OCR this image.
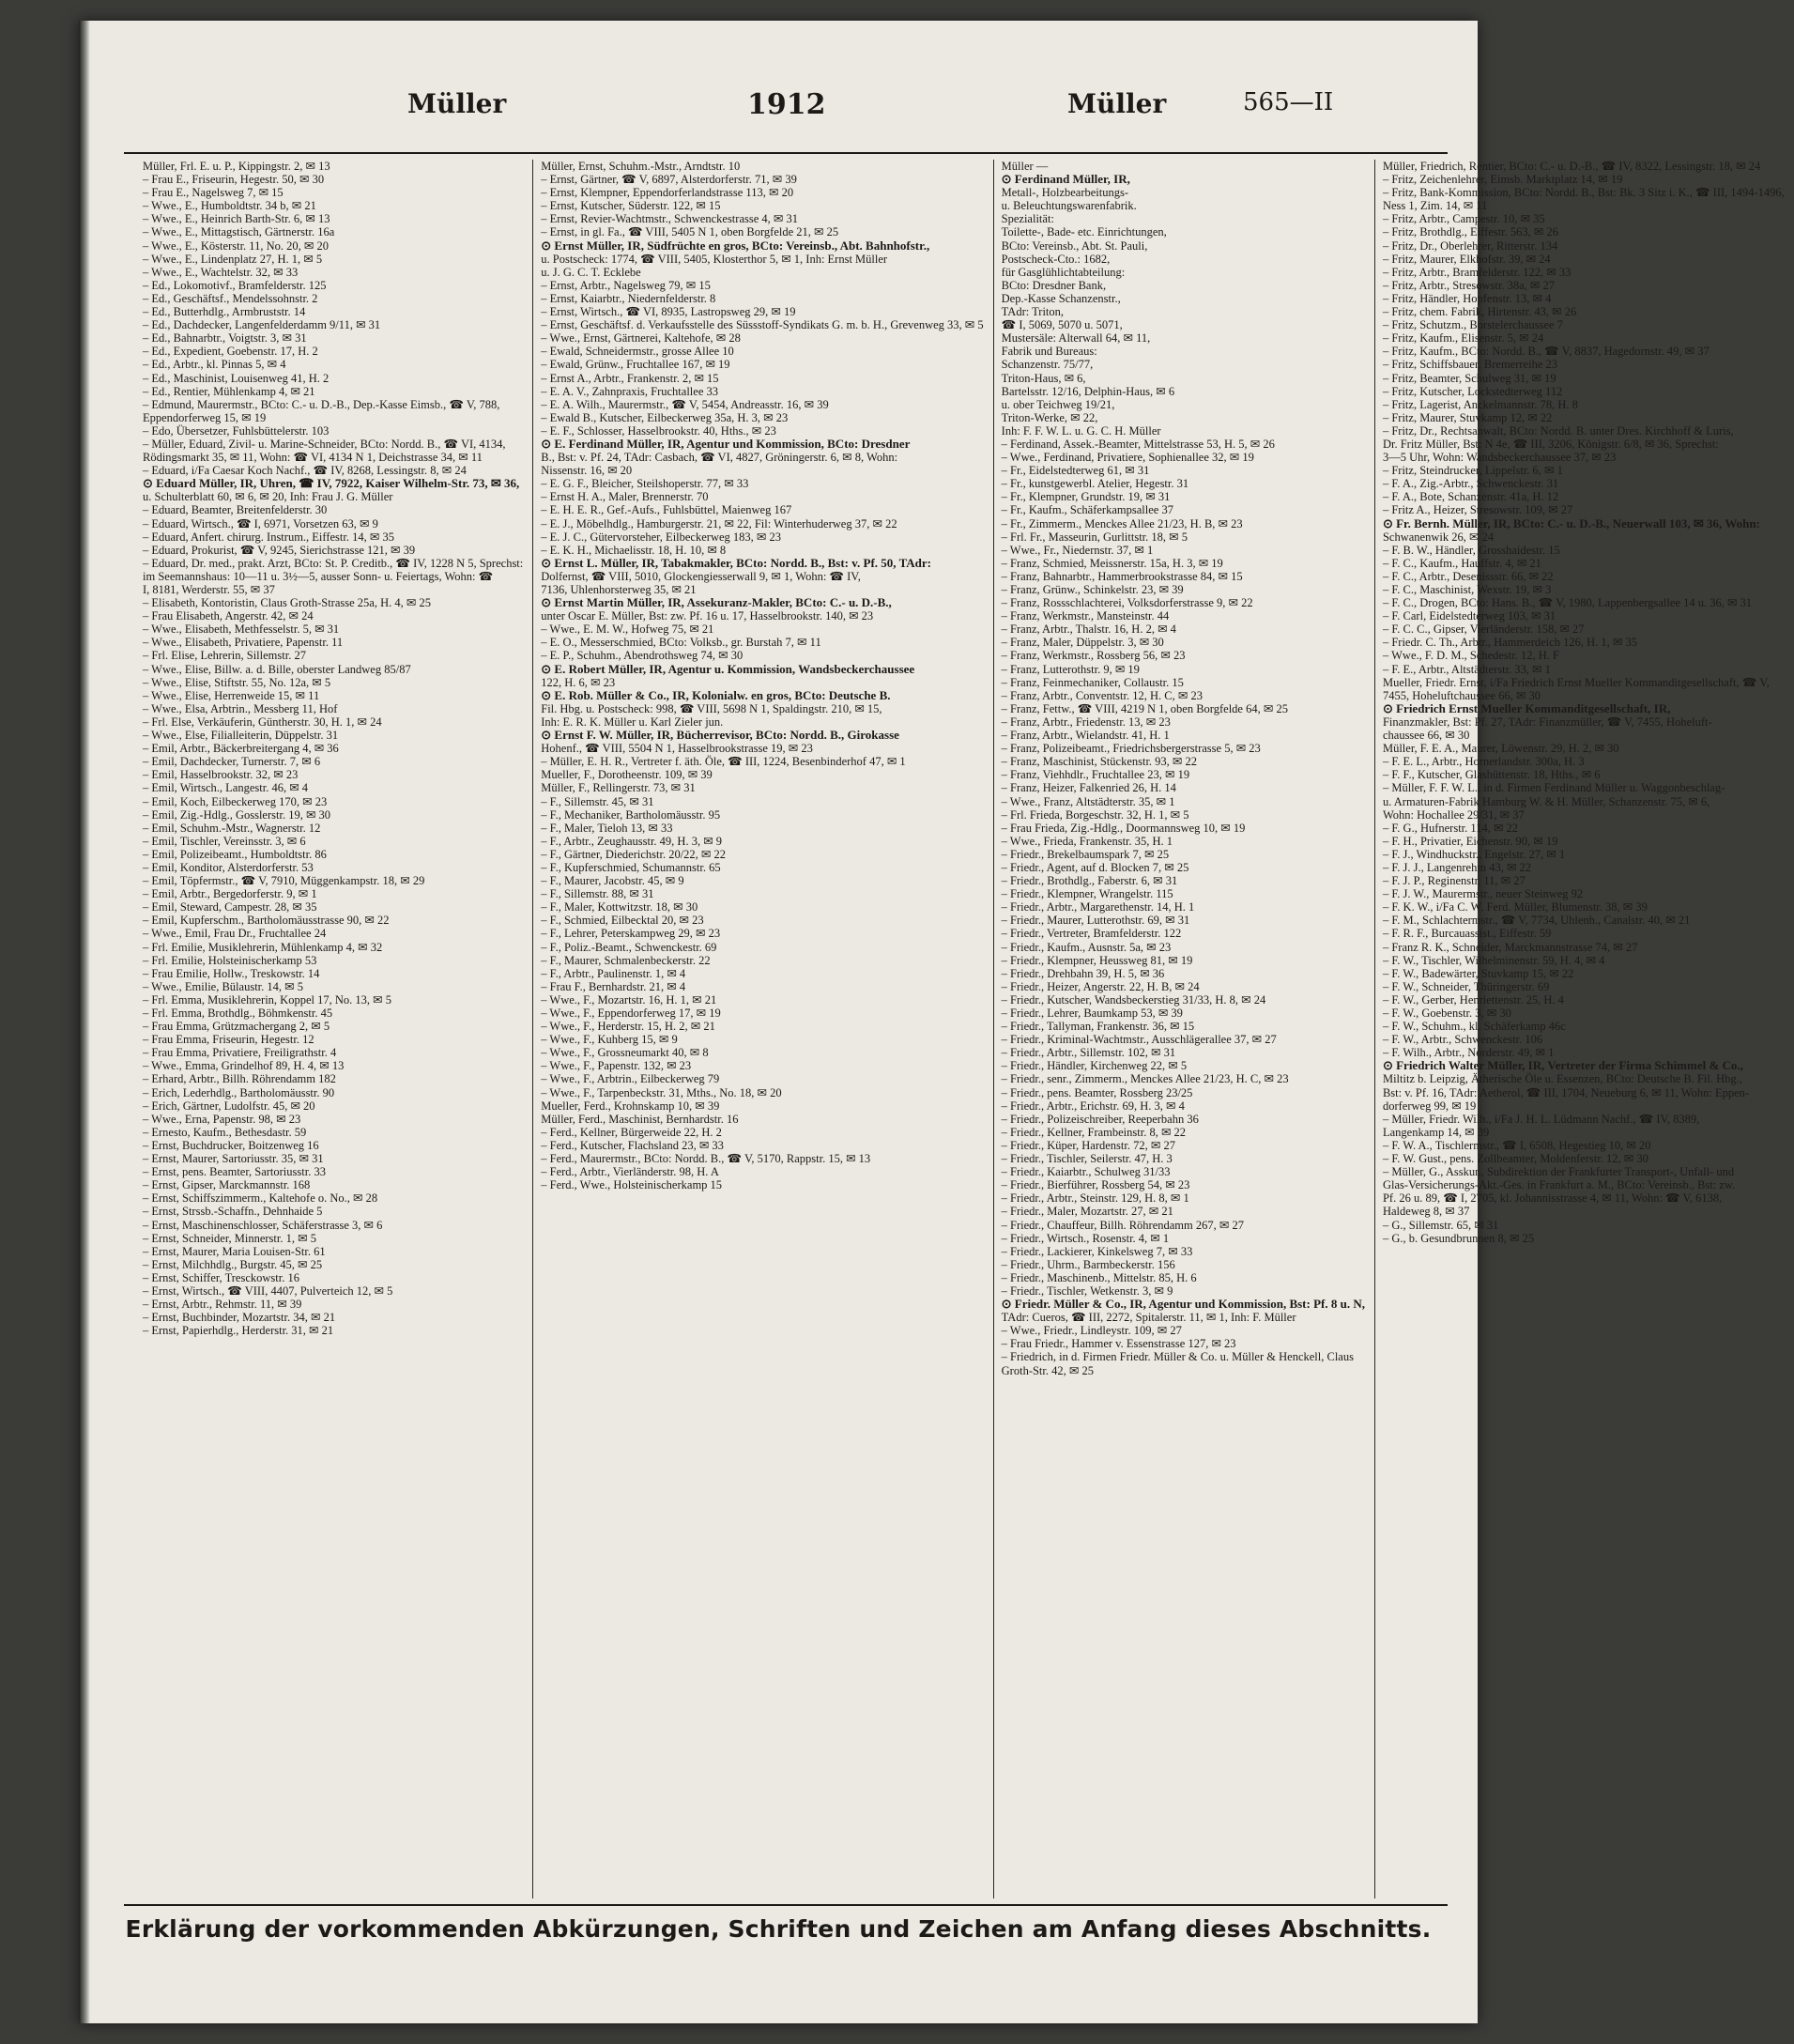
Müller	1912	Müller	565—II
Müller, Frl. E. u. P., Kippingstr. 2, ✉ 13
– Frau E., Friseurin, Hegestr. 50, ✉ 30
– Frau E., Nagelsweg 7, ✉ 15
– Wwe., E., Humboldtstr. 34 b, ✉ 21
– Wwe., E., Heinrich Barth-Str. 6, ✉ 13
– Wwe., E., Mittagstisch, Gärtnerstr. 16a
– Wwe., E., Kösterstr. 11, No. 20, ✉ 20
– Wwe., E., Lindenplatz 27, H. 1, ✉ 5
– Wwe., E., Wachtelstr. 32, ✉ 33
– Ed., Lokomotivf., Bramfelderstr. 125
– Ed., Geschäftsf., Mendelssohnstr. 2
– Ed., Butterhdlg., Armbruststr. 14
– Ed., Dachdecker, Langenfelderdamm 9/11, ✉ 31
– Ed., Bahnarbtr., Voigtstr. 3, ✉ 31
– Ed., Expedient, Goebenstr. 17, H. 2
– Ed., Arbtr., kl. Pinnas 5, ✉ 4
– Ed., Maschinist, Louisenweg 41, H. 2
– Ed., Rentier, Mühlenkamp 4, ✉ 21
– Edmund, Maurermstr., BCto: C.- u. D.-B., Dep.-Kasse Eimsb., ☎ V, 788,
Eppendorferweg 15, ✉ 19
– Edo, Übersetzer, Fuhlsbüttelerstr. 103
– Müller, Eduard, Zivil- u. Marine-Schneider, BCto: Nordd. B., ☎ VI, 4134,
Rödingsmarkt 35, ✉ 11, Wohn: ☎ VI, 4134 N 1, Deichstrasse 34, ✉ 11
– Eduard, i/Fa Caesar Koch Nachf., ☎ IV, 8268, Lessingstr. 8, ✉ 24
⊙ Eduard Müller, IR, Uhren, ☎ IV, 7922, Kaiser Wilhelm-Str. 73, ✉ 36,
u. Schulterblatt 60, ✉ 6, ✉ 20, Inh: Frau J. G. Müller
– Eduard, Beamter, Breitenfelderstr. 30
– Eduard, Wirtsch., ☎ I, 6971, Vorsetzen 63, ✉ 9
– Eduard, Anfert. chirurg. Instrum., Eiffestr. 14, ✉ 35
– Eduard, Prokurist, ☎ V, 9245, Sierichstrasse 121, ✉ 39
– Eduard, Dr. med., prakt. Arzt, BCto: St. P. Creditb., ☎ IV, 1228 N 5, Sprechst:
im Seemannshaus: 10—11 u. 3½—5, ausser Sonn- u. Feiertags, Wohn: ☎
I, 8181, Werderstr. 55, ✉ 37
– Elisabeth, Kontoristin, Claus Groth-Strasse 25a, H. 4, ✉ 25
– Frau Elisabeth, Angerstr. 42, ✉ 24
– Wwe., Elisabeth, Methfesselstr. 5, ✉ 31
– Wwe., Elisabeth, Privatiere, Papenstr. 11
– Frl. Elise, Lehrerin, Sillemstr. 27
– Wwe., Elise, Billw. a. d. Bille, oberster Landweg 85/87
– Wwe., Elise, Stiftstr. 55, No. 12a, ✉ 5
– Wwe., Elise, Herrenweide 15, ✉ 11
– Wwe., Elsa, Arbtrin., Messberg 11, Hof
– Frl. Else, Verkäuferin, Güntherstr. 30, H. 1, ✉ 24
– Wwe., Else, Filialleiterin, Düppelstr. 31
– Emil, Arbtr., Bäckerbreitergang 4, ✉ 36
– Emil, Dachdecker, Turnerstr. 7, ✉ 6
– Emil, Hasselbrookstr. 32, ✉ 23
– Emil, Wirtsch., Langestr. 46, ✉ 4
– Emil, Koch, Eilbeckerweg 170, ✉ 23
– Emil, Zig.-Hdlg., Gosslerstr. 19, ✉ 30
– Emil, Schuhm.-Mstr., Wagnerstr. 12
– Emil, Tischler, Vereinsstr. 3, ✉ 6
– Emil, Polizeibeamt., Humboldtstr. 86
– Emil, Konditor, Alsterdorferstr. 53
– Emil, Töpfermstr., ☎ V, 7910, Müggenkampstr. 18, ✉ 29
– Emil, Arbtr., Bergedorferstr. 9, ✉ 1
– Emil, Steward, Campestr. 28, ✉ 35
– Emil, Kupferschm., Bartholomäusstrasse 90, ✉ 22
– Wwe., Emil, Frau Dr., Fruchtallee 24
– Frl. Emilie, Musiklehrerin, Mühlenkamp 4, ✉ 32
– Frl. Emilie, Holsteinischerkamp 53
– Frau Emilie, Hollw., Treskowstr. 14
– Wwe., Emilie, Bülaustr. 14, ✉ 5
– Frl. Emma, Musiklehrerin, Koppel 17, No. 13, ✉ 5
– Frl. Emma, Brothdlg., Böhmkenstr. 45
– Frau Emma, Grützmachergang 2, ✉ 5
– Frau Emma, Friseurin, Hegestr. 12
– Frau Emma, Privatiere, Freiligrathstr. 4
– Wwe., Emma, Grindelhof 89, H. 4, ✉ 13
– Erhard, Arbtr., Billh. Röhrendamm 182
– Erich, Lederhdlg., Bartholomäusstr. 90
– Erich, Gärtner, Ludolfstr. 45, ✉ 20
– Wwe., Erna, Papenstr. 98, ✉ 23
– Ernesto, Kaufm., Bethesdastr. 59
– Ernst, Buchdrucker, Boitzenweg 16
– Ernst, Maurer, Sartoriusstr. 35, ✉ 31
– Ernst, pens. Beamter, Sartoriusstr. 33
– Ernst, Gipser, Marckmannstr. 168
– Ernst, Schiffszimmerm., Kaltehofe o. No., ✉ 28
– Ernst, Strssb.-Schaffn., Dehnhaide 5
– Ernst, Maschinenschlosser, Schäferstrasse 3, ✉ 6
– Ernst, Schneider, Minnerstr. 1, ✉ 5
– Ernst, Maurer, Maria Louisen-Str. 61
– Ernst, Milchhdlg., Burgstr. 45, ✉ 25
– Ernst, Schiffer, Tresckowstr. 16
– Ernst, Wirtsch., ☎ VIII, 4407, Pulverteich 12, ✉ 5
– Ernst, Arbtr., Rehmstr. 11, ✉ 39
– Ernst, Buchbinder, Mozartstr. 34, ✉ 21
– Ernst, Papierhdlg., Herderstr. 31, ✉ 21
Müller, Ernst, Schuhm.-Mstr., Arndtstr. 10
– Ernst, Gärtner, ☎ V, 6897, Alsterdorferstr. 71, ✉ 39
– Ernst, Klempner, Eppendorferlandstrasse 113, ✉ 20
– Ernst, Kutscher, Süderstr. 122, ✉ 15
– Ernst, Revier-Wachtmstr., Schwenckestrasse 4, ✉ 31
– Ernst, in gl. Fa., ☎ VIII, 5405 N 1, oben Borgfelde 21, ✉ 25
⊙ Ernst Müller, IR, Südfrüchte en gros, BCto: Vereinsb., Abt. Bahnhofstr.,
u. Postscheck: 1774, ☎ VIII, 5405, Klosterthor 5, ✉ 1, Inh: Ernst Müller
u. J. G. C. T. Ecklebe
– Ernst, Arbtr., Nagelsweg 79, ✉ 15
– Ernst, Kaiarbtr., Niedernfelderstr. 8
– Ernst, Wirtsch., ☎ VI, 8935, Lastropsweg 29, ✉ 19
– Ernst, Geschäftsf. d. Verkaufsstelle des Süssstoff-Syndikats G. m. b. H., Grevenweg 33, ✉ 5
– Wwe., Ernst, Gärtnerei, Kaltehofe, ✉ 28
– Ewald, Schneidermstr., grosse Allee 10
– Ewald, Grünw., Fruchtallee 167, ✉ 19
– Ernst A., Arbtr., Frankenstr. 2, ✉ 15
– E. A. V., Zahnpraxis, Fruchtallee 33
– E. A. Wilh., Maurermstr., ☎ V, 5454, Andreasstr. 16, ✉ 39
– Ewald B., Kutscher, Eilbeckerweg 35a, H. 3, ✉ 23
– E. F., Schlosser, Hasselbrookstr. 40, Hths., ✉ 23
⊙ E. Ferdinand Müller, IR, Agentur und Kommission, BCto: Dresdner
B., Bst: v. Pf. 24, TAdr: Casbach, ☎ VI, 4827, Gröningerstr. 6, ✉ 8, Wohn:
Nissenstr. 16, ✉ 20
– E. G. F., Bleicher, Steilshoperstr. 77, ✉ 33
– Ernst H. A., Maler, Brennerstr. 70
– E. H. E. R., Gef.-Aufs., Fuhlsbüttel, Maienweg 167
– E. J., Möbelhdlg., Hamburgerstr. 21, ✉ 22, Fil: Winterhuderweg 37, ✉ 22
– E. J. C., Gütervorsteher, Eilbeckerweg 183, ✉ 23
– E. K. H., Michaelisstr. 18, H. 10, ✉ 8
⊙ Ernst L. Müller, IR, Tabakmakler, BCto: Nordd. B., Bst: v. Pf. 50, TAdr:
Dolfernst, ☎ VIII, 5010, Glockengiesserwall 9, ✉ 1, Wohn: ☎ IV,
7136, Uhlenhorsterweg 35, ✉ 21
⊙ Ernst Martin Müller, IR, Assekuranz-Makler, BCto: C.- u. D.-B.,
unter Oscar E. Müller, Bst: zw. Pf. 16 u. 17, Hasselbrookstr. 140, ✉ 23
– Wwe., E. M. W., Hofweg 75, ✉ 21
– E. O., Messerschmied, BCto: Volksb., gr. Burstah 7, ✉ 11
– E. P., Schuhm., Abendrothsweg 74, ✉ 30
⊙ E. Robert Müller, IR, Agentur u. Kommission, Wandsbeckerchaussee
122, H. 6, ✉ 23
⊙ E. Rob. Müller & Co., IR, Kolonialw. en gros, BCto: Deutsche B.
Fil. Hbg. u. Postscheck: 998, ☎ VIII, 5698 N 1, Spaldingstr. 210, ✉ 15,
Inh: E. R. K. Müller u. Karl Zieler jun.
⊙ Ernst F. W. Müller, IR, Bücherrevisor, BCto: Nordd. B., Girokasse
Hohenf., ☎ VIII, 5504 N 1, Hasselbrookstrasse 19, ✉ 23
– Müller, E. H. R., Vertreter f. äth. Öle, ☎ III, 1224, Besenbinderhof 47, ✉ 1
Mueller, F., Dorotheenstr. 109, ✉ 39
Müller, F., Rellingerstr. 73, ✉ 31
– F., Sillemstr. 45, ✉ 31
– F., Mechaniker, Bartholomäusstr. 95
– F., Maler, Tieloh 13, ✉ 33
– F., Arbtr., Zeughausstr. 49, H. 3, ✉ 9
– F., Gärtner, Diederichstr. 20/22, ✉ 22
– F., Kupferschmied, Schumannstr. 65
– F., Maurer, Jacobstr. 45, ✉ 9
– F., Sillemstr. 88, ✉ 31
– F., Maler, Kottwitzstr. 18, ✉ 30
– F., Schmied, Eilbecktal 20, ✉ 23
– F., Lehrer, Peterskampweg 29, ✉ 23
– F., Poliz.-Beamt., Schwenckestr. 69
– F., Maurer, Schmalenbeckerstr. 22
– F., Arbtr., Paulinenstr. 1, ✉ 4
– Frau F., Bernhardstr. 21, ✉ 4
– Wwe., F., Mozartstr. 16, H. 1, ✉ 21
– Wwe., F., Eppendorferweg 17, ✉ 19
– Wwe., F., Herderstr. 15, H. 2, ✉ 21
– Wwe., F., Kuhberg 15, ✉ 9
– Wwe., F., Grossneumarkt 40, ✉ 8
– Wwe., F., Papenstr. 132, ✉ 23
– Wwe., F., Arbtrin., Eilbeckerweg 79
– Wwe., F., Tarpenbeckstr. 31, Mths., No. 18, ✉ 20
Mueller, Ferd., Krohnskamp 10, ✉ 39
Müller, Ferd., Maschinist, Bernhardstr. 16
– Ferd., Kellner, Bürgerweide 22, H. 2
– Ferd., Kutscher, Flachsland 23, ✉ 33
– Ferd., Maurermstr., BCto: Nordd. B., ☎ V, 5170, Rappstr. 15, ✉ 13
– Ferd., Arbtr., Vierländerstr. 98, H. A
– Ferd., Wwe., Holsteinischerkamp 15
Müller —
⊙ Ferdinand Müller, IR,
Metall-, Holzbearbeitungs-
u. Beleuchtungswarenfabrik.
Spezialität:
Toilette-, Bade- etc. Einrichtungen,
BCto: Vereinsb., Abt. St. Pauli,
Postscheck-Cto.: 1682,
für Gasglühlichtabteilung:
BCto: Dresdner Bank,
Dep.-Kasse Schanzenstr.,
TAdr: Triton,
☎ I, 5069, 5070 u. 5071,
Mustersäle: Alterwall 64, ✉ 11,
Fabrik und Bureaus:
Schanzenstr. 75/77,
Triton-Haus, ✉ 6,
Bartelsstr. 12/16, Delphin-Haus, ✉ 6
u. ober Teichweg 19/21,
Triton-Werke, ✉ 22,
Inh: F. F. W. L. u. G. C. H. Müller
– Ferdinand, Assek.-Beamter, Mittelstrasse 53, H. 5, ✉ 26
– Wwe., Ferdinand, Privatiere, Sophienallee 32, ✉ 19
– Fr., Eidelstedterweg 61, ✉ 31
– Fr., kunstgewerbl. Atelier, Hegestr. 31
– Fr., Klempner, Grundstr. 19, ✉ 31
– Fr., Kaufm., Schäferkampsallee 37
– Fr., Zimmerm., Menckes Allee 21/23, H. B, ✉ 23
– Frl. Fr., Masseurin, Gurlittstr. 18, ✉ 5
– Wwe., Fr., Niedernstr. 37, ✉ 1
– Franz, Schmied, Meissnerstr. 15a, H. 3, ✉ 19
– Franz, Bahnarbtr., Hammerbrookstrasse 84, ✉ 15
– Franz, Grünw., Schinkelstr. 23, ✉ 39
– Franz, Rossschlachterei, Volksdorferstrasse 9, ✉ 22
– Franz, Werkmstr., Mansteinstr. 44
– Franz, Arbtr., Thalstr. 16, H. 2, ✉ 4
– Franz, Maler, Düppelstr. 3, ✉ 30
– Franz, Werkmstr., Rossberg 56, ✉ 23
– Franz, Lutterothstr. 9, ✉ 19
– Franz, Feinmechaniker, Collaustr. 15
– Franz, Arbtr., Conventstr. 12, H. C, ✉ 23
– Franz, Fettw., ☎ VIII, 4219 N 1, oben Borgfelde 64, ✉ 25
– Franz, Arbtr., Friedenstr. 13, ✉ 23
– Franz, Arbtr., Wielandstr. 41, H. 1
– Franz, Polizeibeamt., Friedrichsbergerstrasse 5, ✉ 23
– Franz, Maschinist, Stückenstr. 93, ✉ 22
– Franz, Viehhdlr., Fruchtallee 23, ✉ 19
– Franz, Heizer, Falkenried 26, H. 14
– Wwe., Franz, Altstädterstr. 35, ✉ 1
– Frl. Frieda, Borgeschstr. 32, H. 1, ✉ 5
– Frau Frieda, Zig.-Hdlg., Doormannsweg 10, ✉ 19
– Wwe., Frieda, Frankenstr. 35, H. 1
– Friedr., Brekelbaumspark 7, ✉ 25
– Friedr., Agent, auf d. Blocken 7, ✉ 25
– Friedr., Brothdlg., Faberstr. 6, ✉ 31
– Friedr., Klempner, Wrangelstr. 115
– Friedr., Arbtr., Margarethenstr. 14, H. 1
– Friedr., Maurer, Lutterothstr. 69, ✉ 31
– Friedr., Vertreter, Bramfelderstr. 122
– Friedr., Kaufm., Ausnstr. 5a, ✉ 23
– Friedr., Klempner, Heussweg 81, ✉ 19
– Friedr., Drehbahn 39, H. 5, ✉ 36
– Friedr., Heizer, Angerstr. 22, H. B, ✉ 24
– Friedr., Kutscher, Wandsbeckerstieg 31/33, H. 8, ✉ 24
– Friedr., Lehrer, Baumkamp 53, ✉ 39
– Friedr., Tallyman, Frankenstr. 36, ✉ 15
– Friedr., Kriminal-Wachtmstr., Ausschlägerallee 37, ✉ 27
– Friedr., Arbtr., Sillemstr. 102, ✉ 31
– Friedr., Händler, Kirchenweg 22, ✉ 5
– Friedr., senr., Zimmerm., Menckes Allee 21/23, H. C, ✉ 23
– Friedr., pens. Beamter, Rossberg 23/25
– Friedr., Arbtr., Erichstr. 69, H. 3, ✉ 4
– Friedr., Polizeischreiber, Reeperbahn 36
– Friedr., Kellner, Frambeinstr. 8, ✉ 22
– Friedr., Küper, Hardenstr. 72, ✉ 27
– Friedr., Tischler, Seilerstr. 47, H. 3
– Friedr., Kaiarbtr., Schulweg 31/33
– Friedr., Bierführer, Rossberg 54, ✉ 23
– Friedr., Arbtr., Steinstr. 129, H. 8, ✉ 1
– Friedr., Maler, Mozartstr. 27, ✉ 21
– Friedr., Chauffeur, Billh. Röhrendamm 267, ✉ 27
– Friedr., Wirtsch., Rosenstr. 4, ✉ 1
– Friedr., Lackierer, Kinkelsweg 7, ✉ 33
– Friedr., Uhrm., Barmbeckerstr. 156
– Friedr., Maschinenb., Mittelstr. 85, H. 6
– Friedr., Tischler, Wetkenstr. 3, ✉ 9
⊙ Friedr. Müller & Co., IR, Agentur und Kommission, Bst: Pf. 8 u. N,
TAdr: Cueros, ☎ III, 2272, Spitalerstr. 11, ✉ 1, Inh: F. Müller
– Wwe., Friedr., Lindleystr. 109, ✉ 27
– Frau Friedr., Hammer v. Essenstrasse 127, ✉ 23
– Friedrich, in d. Firmen Friedr. Müller & Co. u. Müller & Henckell, Claus
Groth-Str. 42, ✉ 25
Müller, Friedrich, Rentier, BCto: C.- u. D.-B., ☎ IV, 8322, Lessingstr. 18, ✉ 24
– Fritz, Zeichenlehrer, Eimsb. Marktplatz 14, ✉ 19
– Fritz, Bank-Kommission, BCto: Nordd. B., Bst: Bk. 3 Sitz i. K., ☎ III, 1494-1496,
Ness 1, Zim. 14, ✉ 11
– Fritz, Arbtr., Campestr. 10, ✉ 35
– Fritz, Brothdlg., Eiffestr. 563, ✉ 26
– Fritz, Dr., Oberlehrer, Ritterstr. 134
– Fritz, Maurer, Elkhofstr. 39, ✉ 24
– Fritz, Arbtr., Bramfelderstr. 122, ✉ 33
– Fritz, Arbtr., Stresowstr. 38a, ✉ 27
– Fritz, Händler, Hopfenstr. 13, ✉ 4
– Fritz, chem. Fabrik, Hirtenstr. 43, ✉ 26
– Fritz, Schutzm., Borstelerchaussee 7
– Fritz, Kaufm., Elisenstr. 5, ✉ 24
– Fritz, Kaufm., BCto: Nordd. B., ☎ V, 8837, Hagedornstr. 49, ✉ 37
– Fritz, Schiffsbauer, Bremerreihe 23
– Fritz, Beamter, Schulweg 31, ✉ 19
– Fritz, Kutscher, Lockstedterweg 112
– Fritz, Lagerist, Anckelmannstr. 78, H. 8
– Fritz, Maurer, Stuvkamp 12, ✉ 22
– Fritz, Dr., Rechtsanwalt, BCto: Nordd. B. unter Dres. Kirchhoff & Luris,
Dr. Fritz Müller, Bst: N 4e, ☎ III, 3206, Königstr. 6/8, ✉ 36, Sprechst:
3—5 Uhr, Wohn: Wandsbeckerchaussee 37, ✉ 23
– Fritz, Steindrucker, Lippelstr. 6, ✉ 1
– F. A., Zig.-Arbtr., Schwenckestr. 31
– F. A., Bote, Schanzenstr. 41a, H. 12
– Fritz A., Heizer, Stresowstr. 109, ✉ 27
⊙ Fr. Bernh. Müller, IR, BCto: C.- u. D.-B., Neuerwall 103, ✉ 36, Wohn:
Schwanenwik 26, ✉ 24
– F. B. W., Händler, Grosshaidestr. 15
– F. C., Kaufm., Hauffstr. 4, ✉ 21
– F. C., Arbtr., Desenissstr. 66, ✉ 22
– F. C., Maschinist, Wexstr. 19, ✉ 3
– F. C., Drogen, BCto: Hans. B., ☎ V, 1980, Lappenbergsallee 14 u. 36, ✉ 31
– F. Carl, Eidelstedterweg 103, ✉ 31
– F. C. C., Gipser, Vierländerstr. 158, ✉ 27
– Friedr. C. Th., Arbtr., Hammerdeich 126, H. 1, ✉ 35
– Wwe., F. D. M., Schedestr. 12, H. F
– F. E., Arbtr., Altstädterstr. 33, ✉ 1
Mueller, Friedr. Ernst, i/Fa Friedrich Ernst Mueller Kommanditgesellschaft, ☎ V,
7455, Hoheluftchaussee 66, ✉ 30
⊙ Friedrich Ernst Mueller Kommanditgesellschaft, IR,
Finanzmakler, Bst: Pf. 27, TAdr: Finanzmüller, ☎ V, 7455, Hoheluft-
chaussee 66, ✉ 30
Müller, F. E. A., Maurer, Löwenstr. 29, H. 2, ✉ 30
– F. E. L., Arbtr., Hornerlandstr. 300a, H. 3
– F. F., Kutscher, Glashüttenstr. 18, Hths., ✉ 6
– Müller, F. F. W. L., in d. Firmen Ferdinand Müller u. Waggonbeschlag-
u. Armaturen-Fabrik Hamburg W. & H. Müller, Schanzenstr. 75, ✉ 6,
Wohn: Hochallee 29/31, ✉ 37
– F. G., Hufnerstr. 114, ✉ 22
– F. H., Privatier, Eichenstr. 90, ✉ 19
– F. J., Windhuckstr., Engelstr. 27, ✉ 1
– F. J. J., Langenrehm 43, ✉ 22
– F. J. P., Reginenstr. 11, ✉ 27
– F. J. W., Maurermstr., neuer Steinweg 92
– F. K. W., i/Fa C. W. Ferd. Müller, Blumenstr. 38, ✉ 39
– F. M., Schlachtermstr., ☎ V, 7734, Uhlenh., Canalstr. 40, ✉ 21
– F. R. F., Burcauassist., Eiffestr. 59
– Franz R. K., Schneider, Marckmannstrasse 74, ✉ 27
– F. W., Tischler, Wilhelminenstr. 59, H. 4, ✉ 4
– F. W., Badewärter, Stuvkamp 15, ✉ 22
– F. W., Schneider, Thüringerstr. 69
– F. W., Gerber, Henriettenstr. 25, H. 4
– F. W., Goebenstr. 3, ✉ 30
– F. W., Schuhm., kl. Schäferkamp 46c
– F. W., Arbtr., Schwenckestr. 106
– F. Wilh., Arbtr., Norderstr. 49, ✉ 1
⊙ Friedrich Walter Müller, IR, Vertreter der Firma Schimmel & Co.,
Miltitz b. Leipzig, Ätherische Öle u. Essenzen, BCto: Deutsche B. Fil. Hbg.,
Bst: v. Pf. 16, TAdr: Aetherol, ☎ III, 1704, Neueburg 6, ✉ 11, Wohn: Eppen-
dorferweg 99, ✉ 19
– Müller, Friedr. Wilh., i/Fa J. H. L. Lüdmann Nachf., ☎ IV, 8389,
Langenkamp 14, ✉ 39
– F. W. A., Tischlermstr., ☎ I, 6508, Hegestieg 10, ✉ 20
– F. W. Gust., pens. Zollbeamter, Moldenferstr. 12, ✉ 30
– Müller, G., Asskur., Subdirektion der Frankfurter Transport-, Unfall- und
Glas-Versicherungs-Akt.-Ges. in Frankfurt a. M., BCto: Vereinsb., Bst: zw.
Pf. 26 u. 89, ☎ I, 2705, kl. Johannisstrasse 4, ✉ 11, Wohn: ☎ V, 6138,
Haldeweg 8, ✉ 37
– G., Sillemstr. 65, ✉ 31
– G., b. Gesundbrunnen 8, ✉ 25
Erklärung der vorkommenden Abkürzungen, Schriften und Zeichen am Anfang dieses Abschnitts.
